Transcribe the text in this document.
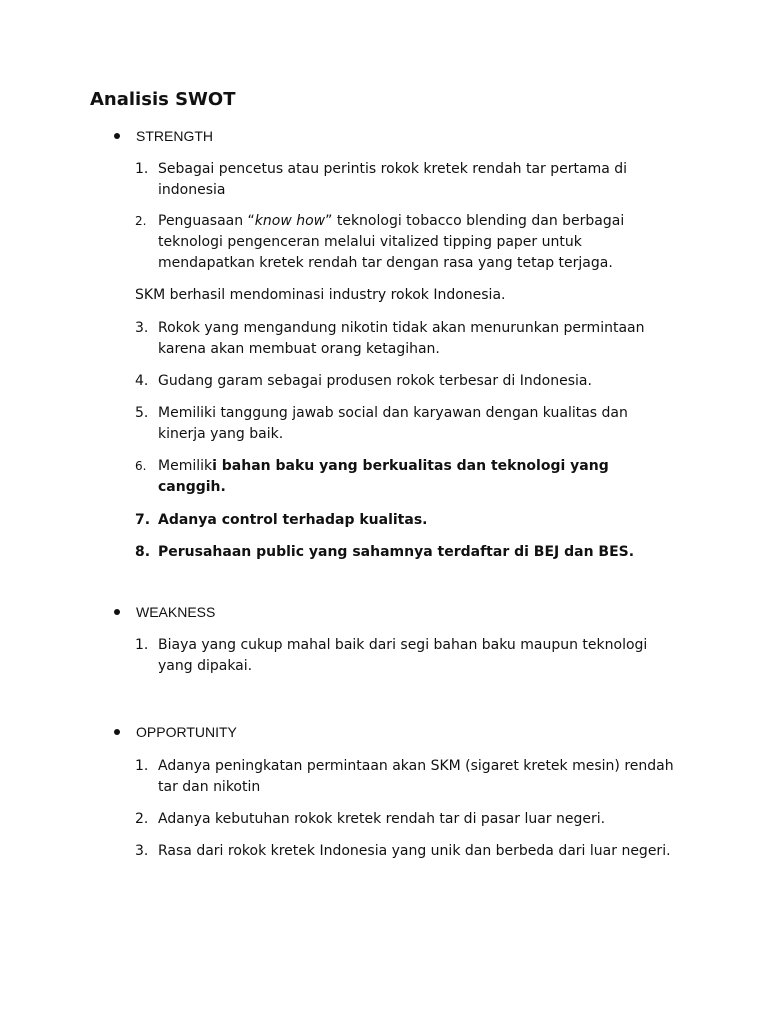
Analisis SWOT
STRENGTH
1. Sebagai pencetus atau perintis rokok kretek rendah tar pertama di indonesia
2. Penguasaan “know how” teknologi tobacco blending dan berbagai teknologi pengenceran melalui vitalized tipping paper untuk mendapatkan kretek rendah tar dengan rasa yang tetap terjaga.
SKM berhasil mendominasi industry rokok Indonesia.
3. Rokok yang mengandung nikotin tidak akan menurunkan permintaan karena akan membuat orang ketagihan.
4. Gudang garam sebagai produsen rokok terbesar di Indonesia.
5. Memiliki tanggung jawab social dan karyawan dengan kualitas dan kinerja yang baik.
6. Memiliki bahan baku yang berkualitas dan teknologi yang canggih.
7. Adanya control terhadap kualitas.
8. Perusahaan public yang sahamnya terdaftar di BEJ dan BES.
WEAKNESS
1. Biaya yang cukup mahal baik dari segi bahan baku maupun teknologi yang dipakai.
OPPORTUNITY
1. Adanya peningkatan permintaan akan SKM (sigaret kretek mesin) rendah tar dan nikotin
2. Adanya kebutuhan rokok kretek rendah tar di pasar luar negeri.
3. Rasa dari rokok kretek Indonesia yang unik dan berbeda dari luar negeri.
